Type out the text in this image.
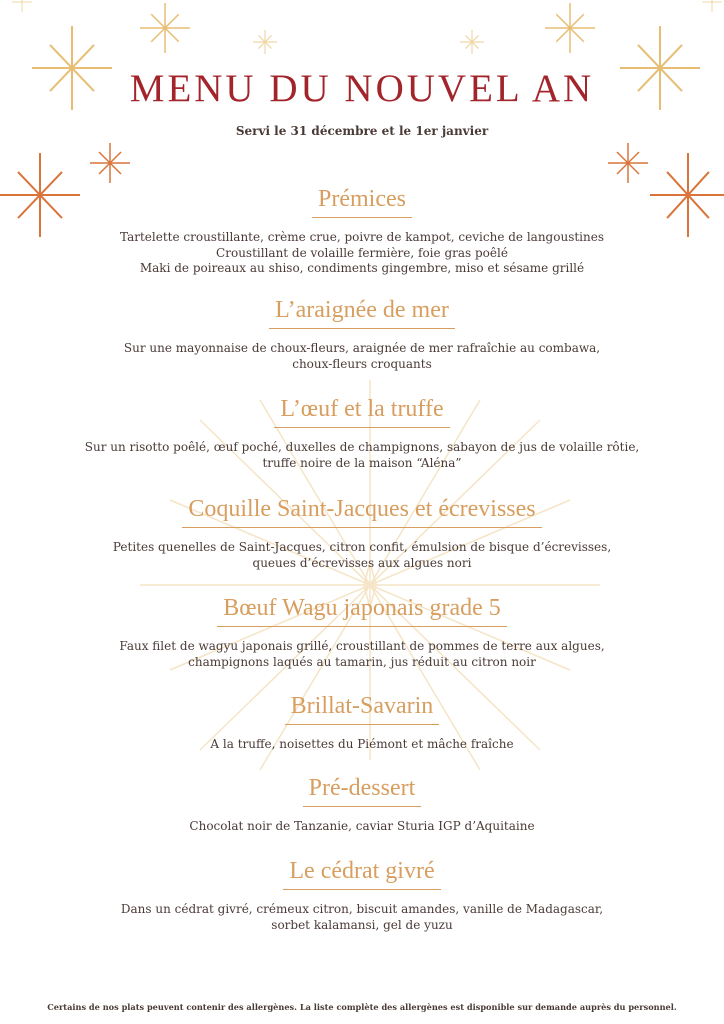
MENU DU NOUVEL AN
Servi le 31 décembre et le 1er janvier
Prémices
Tartelette croustillante, crème crue, poivre de kampot, ceviche de langoustines
Croustillant de volaille fermière, foie gras poêlé
Maki de poireaux au shiso, condiments gingembre, miso et sésame grillé
L’araignée de mer
Sur une mayonnaise de choux-fleurs, araignée de mer rafraîchie au combawa,
choux-fleurs croquants
L’œuf et la truffe
Sur un risotto poêlé, œuf poché, duxelles de champignons, sabayon de jus de volaille rôtie,
truffe noire de la maison “Aléna”
Coquille Saint-Jacques et écrevisses
Petites quenelles de Saint-Jacques, citron confit, émulsion de bisque d’écrevisses,
queues d’écrevisses aux algues nori
Bœuf Wagu japonais grade 5
Faux filet de wagyu japonais grillé, croustillant de pommes de terre aux algues,
champignons laqués au tamarin, jus réduit au citron noir
Brillat-Savarin
A la truffe, noisettes du Piémont et mâche fraîche
Pré-dessert
Chocolat noir de Tanzanie, caviar Sturia IGP d’Aquitaine
Le cédrat givré
Dans un cédrat givré, crémeux citron, biscuit amandes, vanille de Madagascar,
sorbet kalamansi, gel de yuzu
Certains de nos plats peuvent contenir des allergènes. La liste complète des allergènes est disponible sur demande auprès du personnel.
